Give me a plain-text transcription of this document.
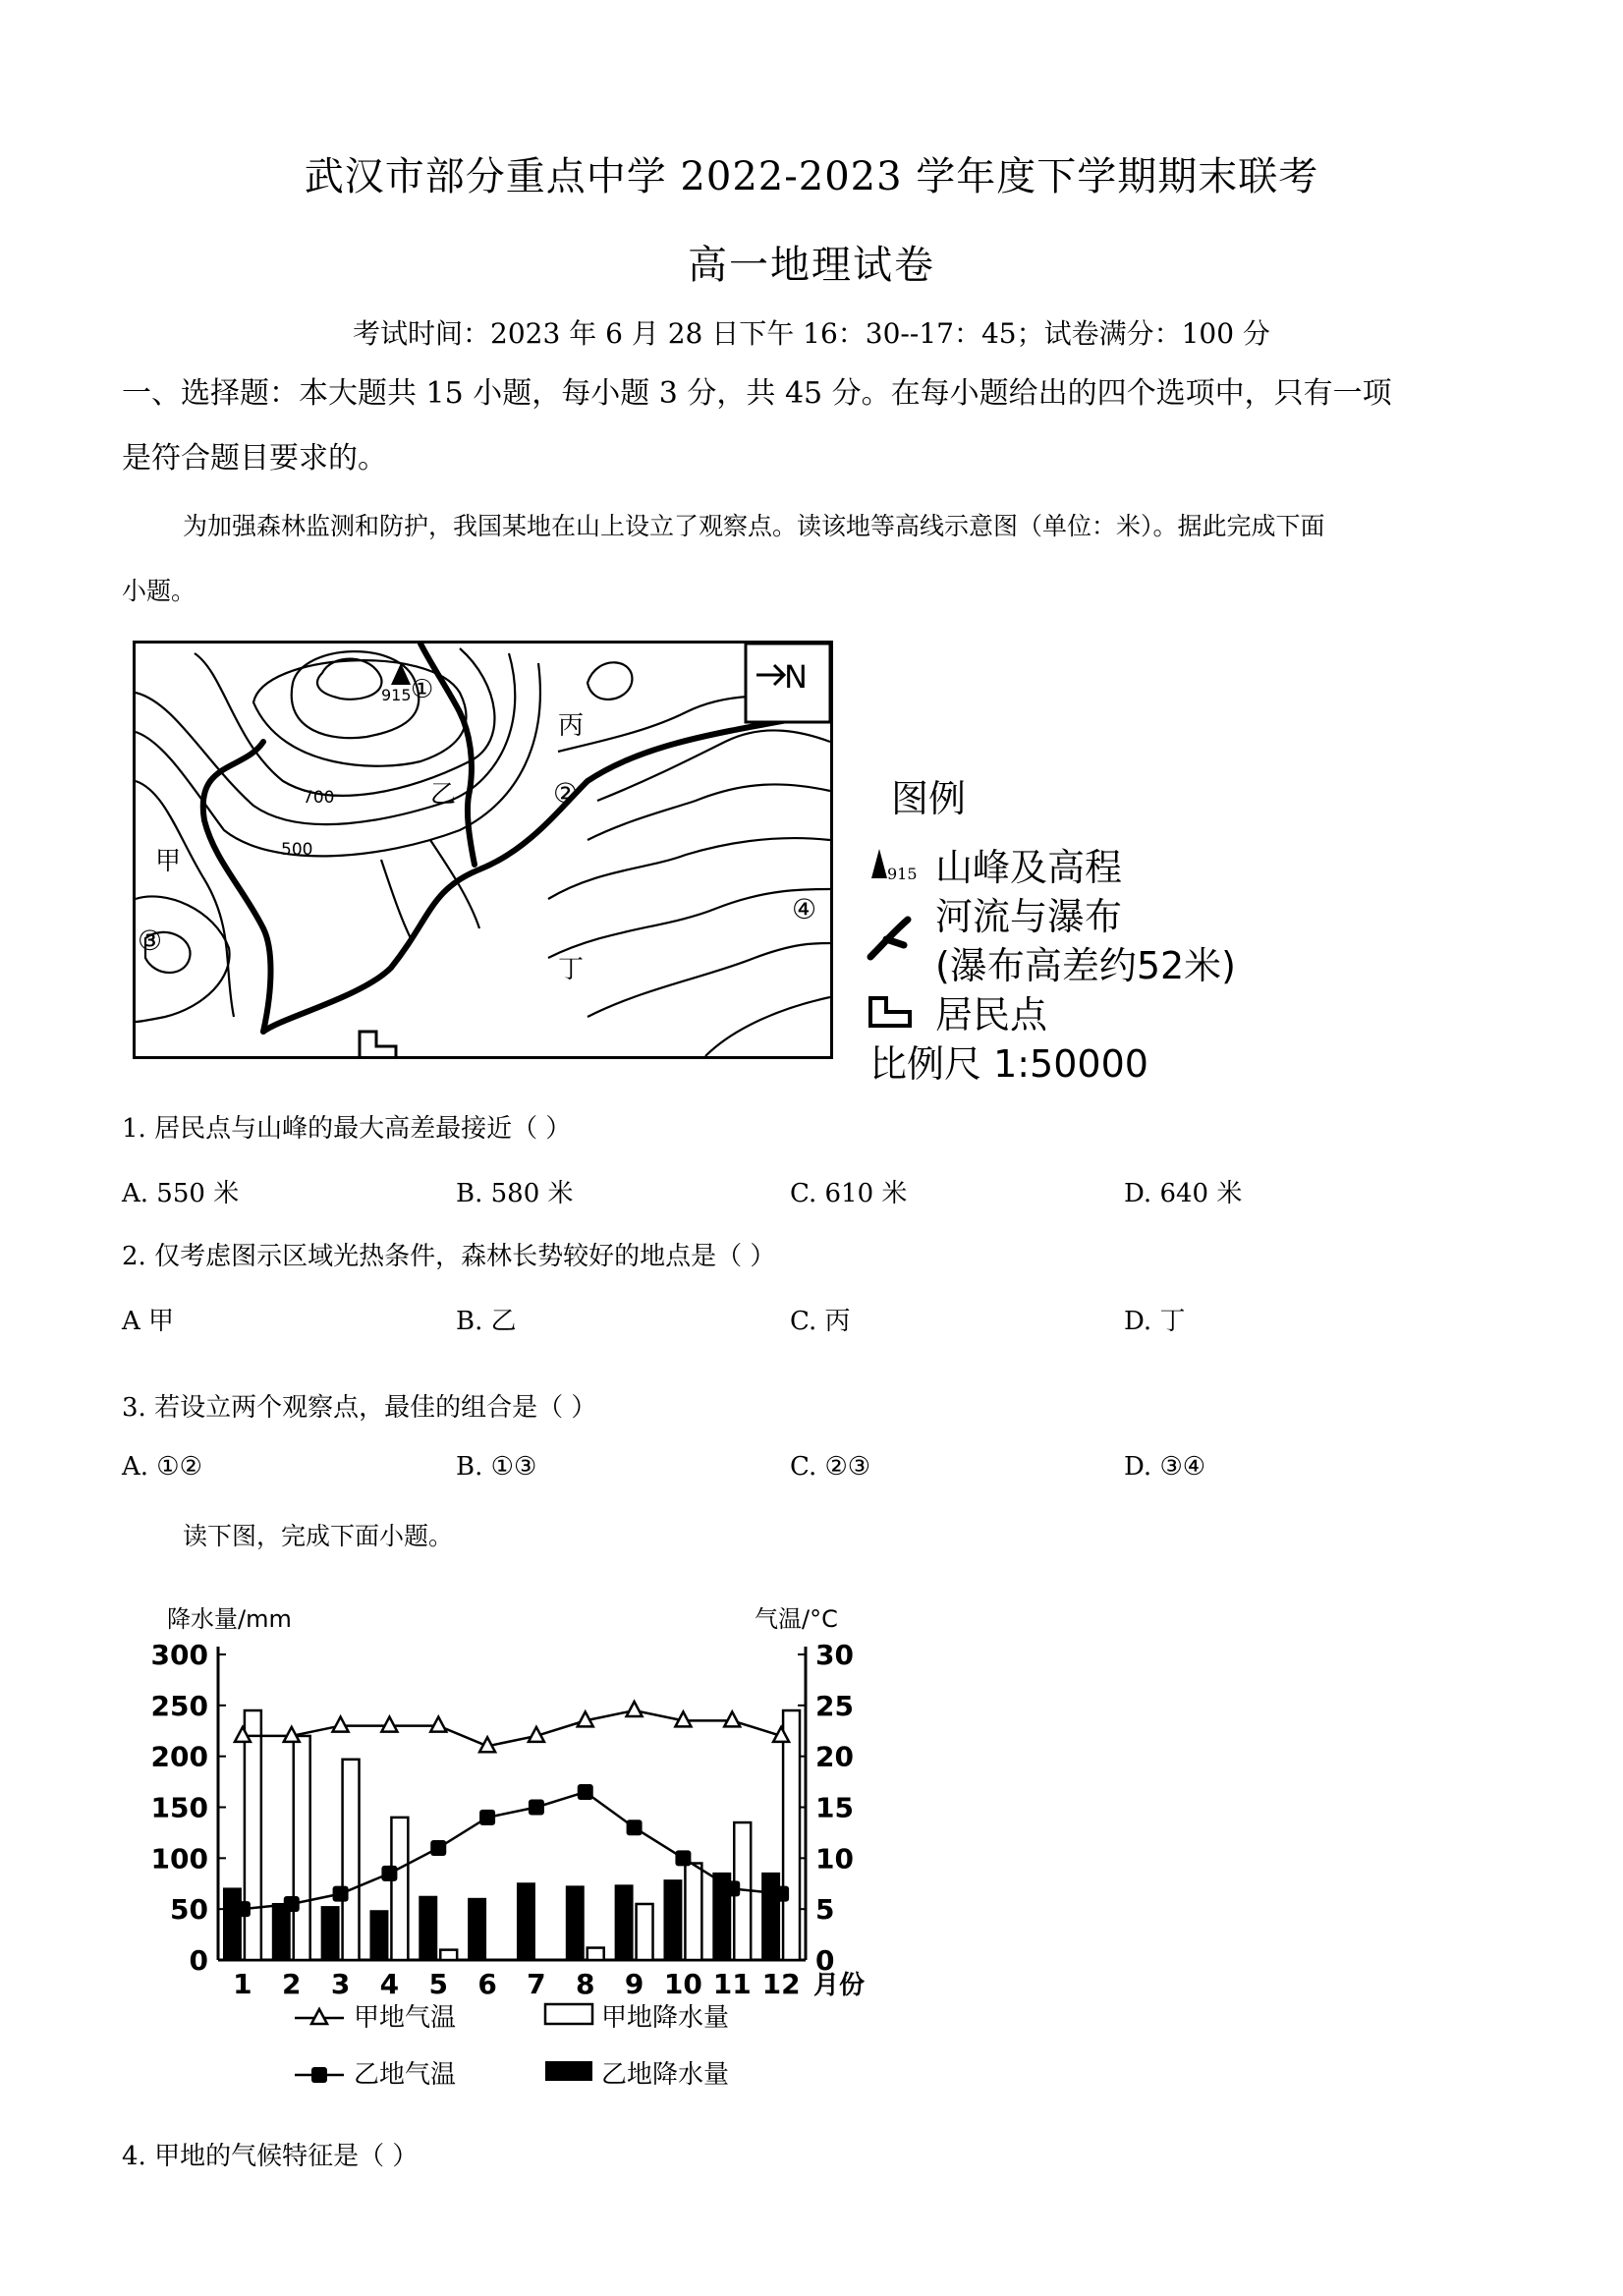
武汉市部分重点中学 2022-2023 学年度下学期期末联考
高一地理试卷
考试时间：2023 年 6 月 28 日下午 16：30--17：45；试卷满分：100 分
一、选择题：本大题共 15 小题，每小题 3 分，共 45 分。在每小题给出的四个选项中，只有一项
是符合题目要求的。
为加强森林监测和防护，我国某地在山上设立了观察点。读该地等高线示意图（单位：米）。据此完成下面
小题。
915 ①
700
500
乙
丙
甲
丁
②
③
④
N
图例
915 山峰及高程
河流与瀑布
(瀑布高差约52米)
居民点
比例尺 1:50000
1. 居民点与山峰的最大高差最接近（ ）
A. 550 米	B. 580 米	C. 610 米	D. 640 米
2. 仅考虑图示区域光热条件，森林长势较好的地点是（ ）
A 甲	B. 乙	C. 丙	D. 丁
3. 若设立两个观察点，最佳的组合是（ ）
A. ①②	B. ①③	C. ②③	D. ③④
读下图，完成下面小题。
降水量/mm	气温/°C
0
50
100
150
200
250
300
0
5
10
15
20
25
30
1 2 3 4 5 6 7 8 9 10 11 12 月份
甲地气温	甲地降水量
乙地气温	乙地降水量
4. 甲地的气候特征是（ ）
